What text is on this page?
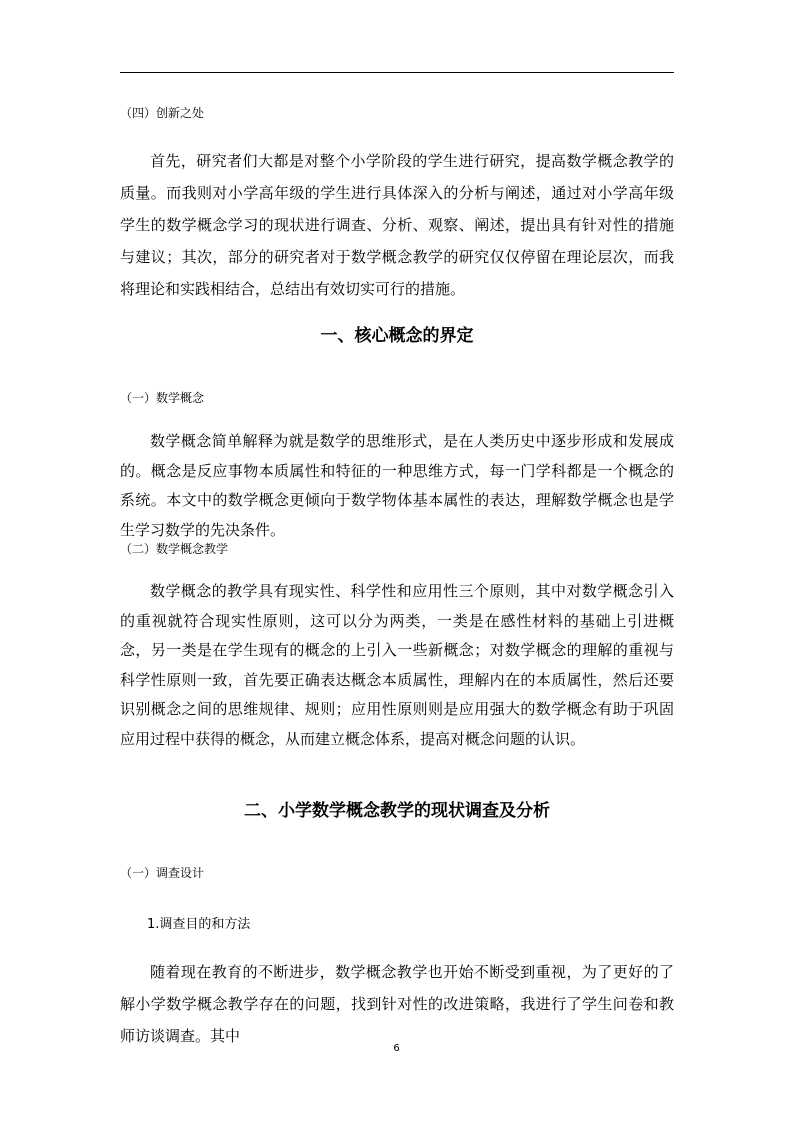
（四）创新之处

首先，研究者们大都是对整个小学阶段的学生进行研究，提高数学概念教学的质量。而我则对小学高年级的学生进行具体深入的分析与阐述，通过对小学高年级学生的数学概念学习的现状进行调查、分析、观察、阐述，提出具有针对性的措施与建议；其次，部分的研究者对于数学概念教学的研究仅仅停留在理论层次，而我将理论和实践相结合，总结出有效切实可行的措施。

一、核心概念的界定
（一）数学概念

数学概念简单解释为就是数学的思维形式，是在人类历史中逐步形成和发展成的。概念是反应事物本质属性和特征的一种思维方式，每一门学科都是一个概念的系统。本文中的数学概念更倾向于数学物体基本属性的表达，理解数学概念也是学生学习数学的先决条件。

（二）数学概念教学

数学概念的教学具有现实性、科学性和应用性三个原则，其中对数学概念引入的重视就符合现实性原则，这可以分为两类，一类是在感性材料的基础上引进概念，另一类是在学生现有的概念的上引入一些新概念；对数学概念的理解的重视与科学性原则一致，首先要正确表达概念本质属性，理解内在的本质属性，然后还要识别概念之间的思维规律、规则；应用性原则则是应用强大的数学概念有助于巩固应用过程中获得的概念，从而建立概念体系，提高对概念问题的认识。

二、小学数学概念教学的现状调查及分析
（一）调查设计
1.调查目的和方法

随着现在教育的不断进步，数学概念教学也开始不断受到重视，为了更好的了解小学数学概念教学存在的问题，找到针对性的改进策略，我进行了学生问卷和教师访谈调查。其中

6
